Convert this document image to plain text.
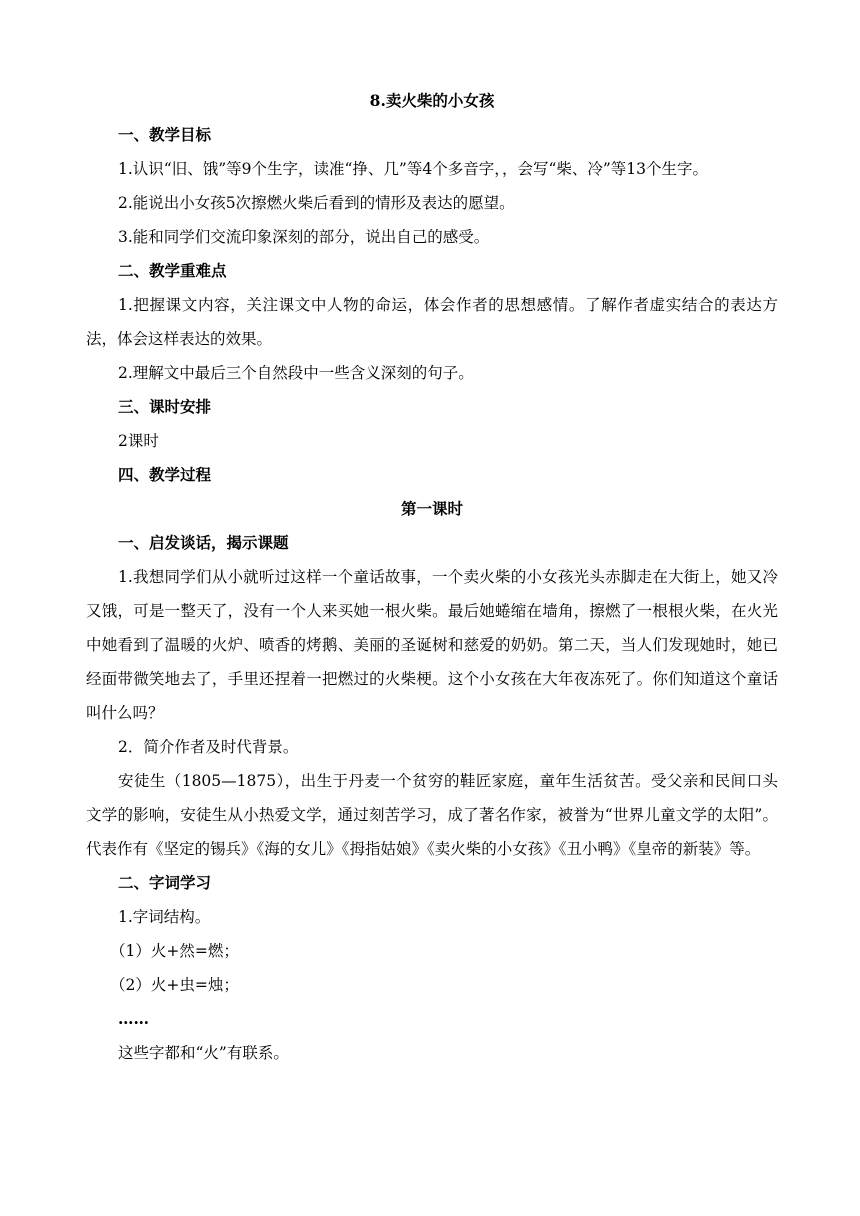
8.卖火柴的小女孩

一、教学目标

1.认识“旧、饿”等9个生字，读准“挣、几”等4个多音字，，会写“柴、冷”等13个生字。

2.能说出小女孩5次擦燃火柴后看到的情形及表达的愿望。

3.能和同学们交流印象深刻的部分，说出自己的感受。

二、教学重难点

1.把握课文内容，关注课文中人物的命运，体会作者的思想感情。了解作者虚实结合的表达方法，体会这样表达的效果。

2.理解文中最后三个自然段中一些含义深刻的句子。

三、课时安排

2课时

四、教学过程

第一课时

一、启发谈话，揭示课题

1.我想同学们从小就听过这样一个童话故事，一个卖火柴的小女孩光头赤脚走在大街上，她又冷又饿，可是一整天了，没有一个人来买她一根火柴。最后她蜷缩在墙角，擦燃了一根根火柴，在火光中她看到了温暖的火炉、喷香的烤鹅、美丽的圣诞树和慈爱的奶奶。第二天，当人们发现她时，她已经面带微笑地去了，手里还捏着一把燃过的火柴梗。这个小女孩在大年夜冻死了。你们知道这个童话叫什么吗？

2．简介作者及时代背景。

安徒生（1805—1875），出生于丹麦一个贫穷的鞋匠家庭，童年生活贫苦。受父亲和民间口头文学的影响，安徒生从小热爱文学，通过刻苦学习，成了著名作家，被誉为“世界儿童文学的太阳”。代表作有《坚定的锡兵》《海的女儿》《拇指姑娘》《卖火柴的小女孩》《丑小鸭》《皇帝的新装》等。

二、字词学习

1.字词结构。

（1）火+然=燃；

（2）火+虫=烛；

……

这些字都和“火”有联系。
